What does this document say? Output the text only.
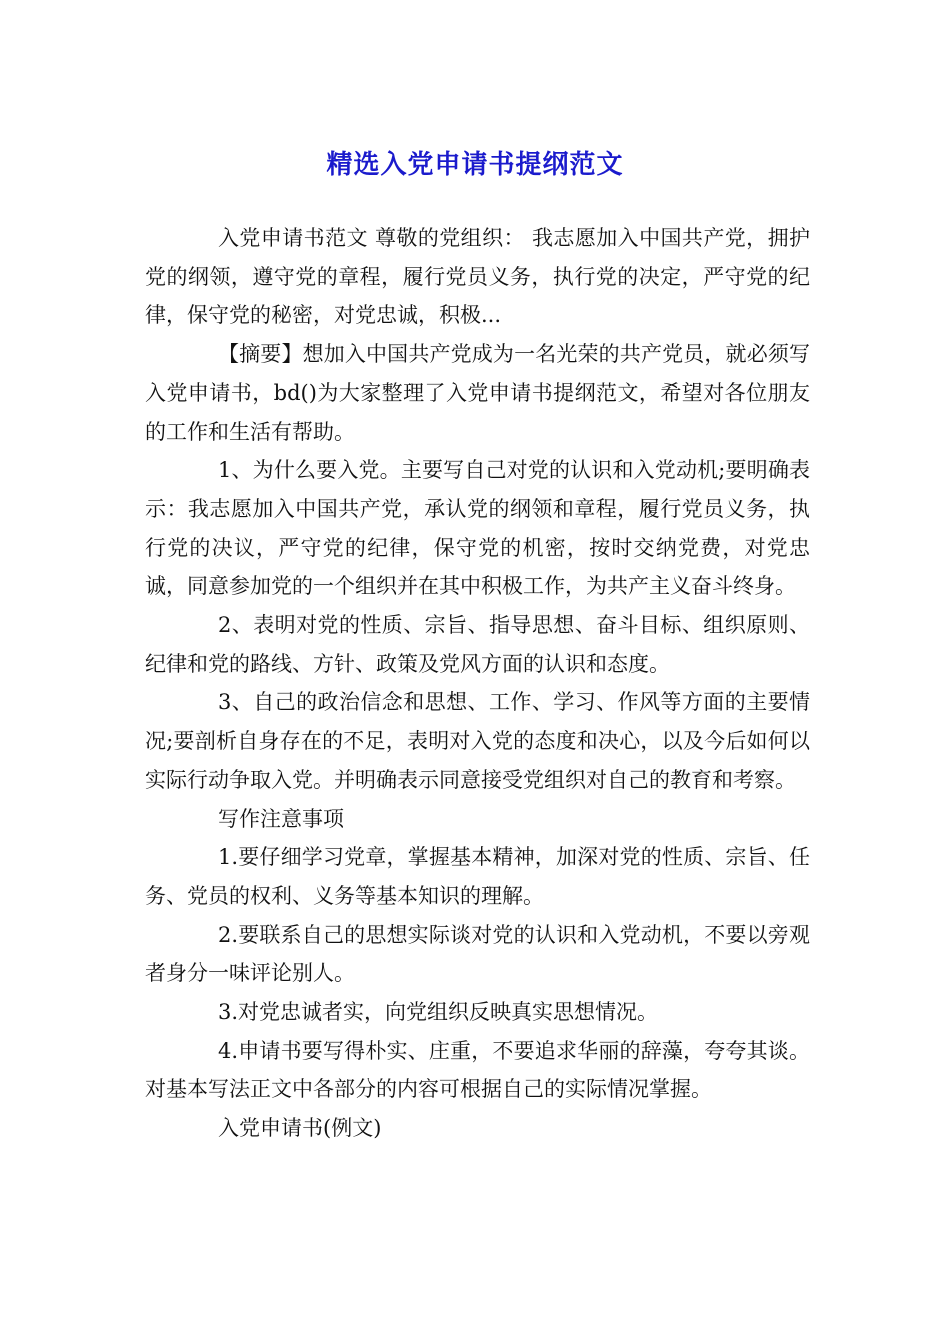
精选入党申请书提纲范文

入党申请书范文 尊敬的党组织： 我志愿加入中国共产党，拥护党的纲领，遵守党的章程，履行党员义务，执行党的决定，严守党的纪律，保守党的秘密，对党忠诚，积极...

【摘要】想加入中国共产党成为一名光荣的共产党员，就必须写入党申请书，bd()为大家整理了入党申请书提纲范文，希望对各位朋友的工作和生活有帮助。

1、为什么要入党。主要写自己对党的认识和入党动机;要明确表示：我志愿加入中国共产党，承认党的纲领和章程，履行党员义务，执行党的决议，严守党的纪律，保守党的机密，按时交纳党费，对党忠诚，同意参加党的一个组织并在其中积极工作，为共产主义奋斗终身。

2、表明对党的性质、宗旨、指导思想、奋斗目标、组织原则、纪律和党的路线、方针、政策及党风方面的认识和态度。

3、自己的政治信念和思想、工作、学习、作风等方面的主要情况;要剖析自身存在的不足，表明对入党的态度和决心，以及今后如何以实际行动争取入党。并明确表示同意接受党组织对自己的教育和考察。

写作注意事项

1.要仔细学习党章，掌握基本精神，加深对党的性质、宗旨、任务、党员的权利、义务等基本知识的理解。

2.要联系自己的思想实际谈对党的认识和入党动机，不要以旁观者身分一味评论别人。

3.对党忠诚者实，向党组织反映真实思想情况。

4.申请书要写得朴实、庄重，不要追求华丽的辞藻，夸夸其谈。对基本写法正文中各部分的内容可根据自己的实际情况掌握。

入党申请书(例文)
